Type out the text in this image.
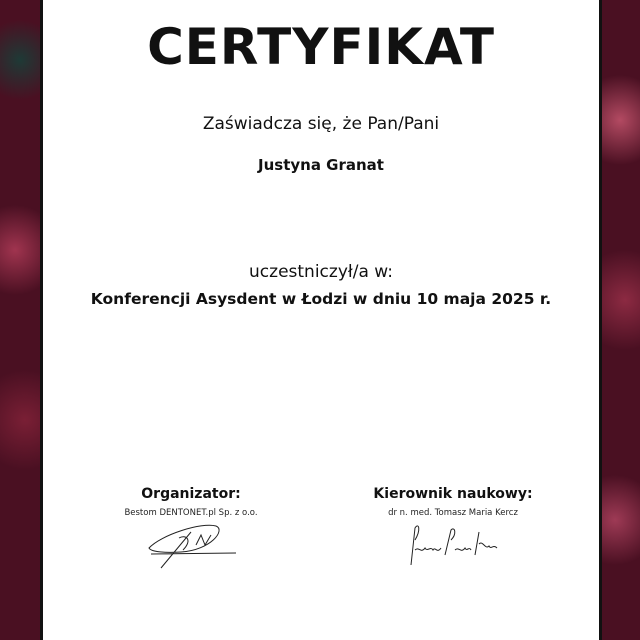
CERTYFIKAT
Zaświadcza się, że Pan/Pani
Justyna Granat
uczestniczył/a w:
Konferencji Asysdent w Łodzi w dniu 10 maja 2025 r.
Organizator:
Bestom DENTONET.pl Sp. z o.o.
Kierownik naukowy:
dr n. med. Tomasz Maria Kercz
